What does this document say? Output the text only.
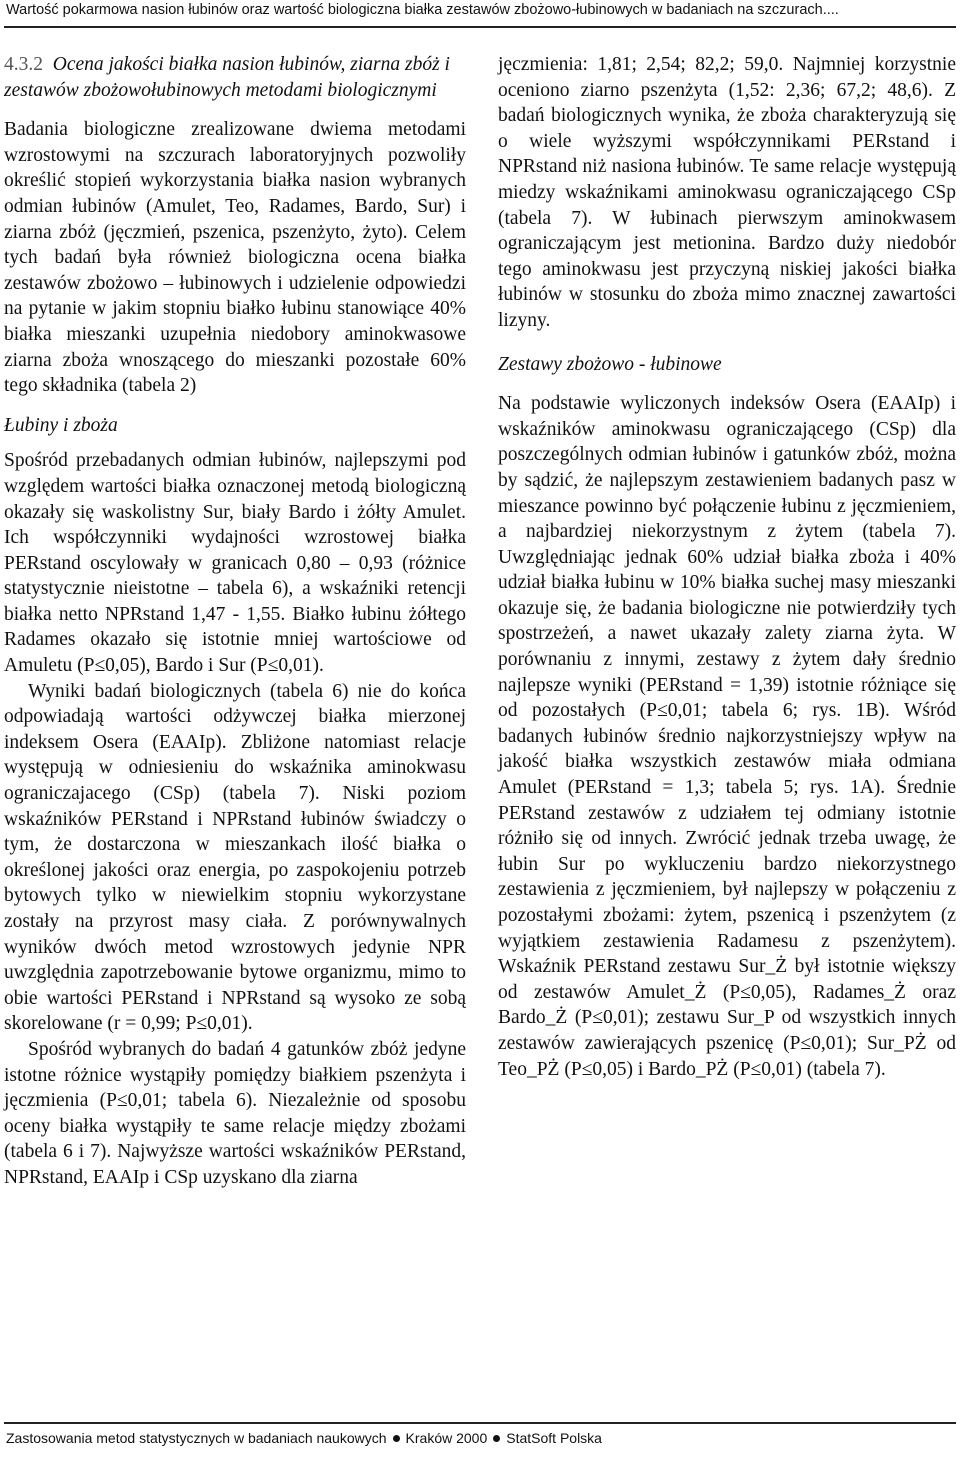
Wartość pokarmowa nasion łubinów oraz wartość biologiczna białka zestawów zbożowo-łubinowych w badaniach na szczurach....

4.3.2 Ocena jakości białka nasion łubinów, ziarna zbóż i zestawów zbożowołubinowych metodami biologicznymi

Badania biologiczne zrealizowane dwiema metodami wzrostowymi na szczurach laboratoryjnych pozwoliły określić stopień wykorzystania białka nasion wybranych odmian łubinów (Amulet, Teo, Radames, Bardo, Sur) i ziarna zbóż (jęczmień, pszenica, pszenżyto, żyto). Celem tych badań była również biologiczna ocena białka zestawów zbożowo – łubinowych i udzielenie odpowiedzi na pytanie w jakim stopniu białko łubinu stanowiące 40% białka mieszanki uzupełnia niedobory aminokwasowe ziarna zboża wnoszącego do mieszanki pozostałe 60% tego składnika (tabela 2)

Łubiny i zboża

Spośród przebadanych odmian łubinów, najlepszymi pod względem wartości białka oznaczonej metodą biologiczną okazały się waskolistny Sur, biały Bardo i żółty Amulet. Ich współczynniki wydajności wzrostowej białka PERstand oscylowały w granicach 0,80 – 0,93 (różnice statystycznie nieistotne – tabela 6), a wskaźniki retencji białka netto NPRstand 1,47 - 1,55. Białko łubinu żółtego Radames okazało się istotnie mniej wartościowe od Amuletu (P≤0,05), Bardo i Sur (P≤0,01).

Wyniki badań biologicznych (tabela 6) nie do końca odpowiadają wartości odżywczej białka mierzonej indeksem Osera (EAAIp). Zbliżone natomiast relacje występują w odniesieniu do wskaźnika aminokwasu ograniczajacego (CSp) (tabela 7). Niski poziom wskaźników PERstand i NPRstand łubinów świadczy o tym, że dostarczona w mieszankach ilość białka o określonej jakości oraz energia, po zaspokojeniu potrzeb bytowych tylko w niewielkim stopniu wykorzystane zostały na przyrost masy ciała. Z porównywalnych wyników dwóch metod wzrostowych jedynie NPR uwzględnia zapotrzebowanie bytowe organizmu, mimo to obie wartości PERstand i NPRstand są wysoko ze sobą skorelowane (r = 0,99; P≤0,01).

Spośród wybranych do badań 4 gatunków zbóż jedyne istotne różnice wystąpiły pomiędzy białkiem pszenżyta i jęczmienia (P≤0,01; tabela 6). Niezależnie od sposobu oceny białka wystąpiły te same relacje między zbożami (tabela 6 i 7). Najwyższe wartości wskaźników PERstand, NPRstand, EAAIp i CSp uzyskano dla ziarna

jęczmienia: 1,81; 2,54; 82,2; 59,0. Najmniej korzystnie oceniono ziarno pszenżyta (1,52: 2,36; 67,2; 48,6). Z badań biologicznych wynika, że zboża charakteryzują się o wiele wyższymi współczynnikami PERstand i NPRstand niż nasiona łubinów. Te same relacje występują miedzy wskaźnikami aminokwasu ograniczającego CSp (tabela 7). W łubinach pierwszym aminokwasem ograniczającym jest metionina. Bardzo duży niedobór tego aminokwasu jest przyczyną niskiej jakości białka łubinów w stosunku do zboża mimo znacznej zawartości lizyny.

Zestawy zbożowo - łubinowe

Na podstawie wyliczonych indeksów Osera (EAAIp) i wskaźników aminokwasu ograniczającego (CSp) dla poszczególnych odmian łubinów i gatunków zbóż, można by sądzić, że najlepszym zestawieniem badanych pasz w mieszance powinno być połączenie łubinu z jęczmieniem, a najbardziej niekorzystnym z żytem (tabela 7). Uwzględniając jednak 60% udział białka zboża i 40% udział białka łubinu w 10% białka suchej masy mieszanki okazuje się, że badania biologiczne nie potwierdziły tych spostrzeżeń, a nawet ukazały zalety ziarna żyta. W porównaniu z innymi, zestawy z żytem dały średnio najlepsze wyniki (PERstand = 1,39) istotnie różniące się od pozostałych (P≤0,01; tabela 6; rys. 1B). Wśród badanych łubinów średnio najkorzystniejszy wpływ na jakość białka wszystkich zestawów miała odmiana Amulet (PERstand = 1,3; tabela 5; rys. 1A). Średnie PERstand zestawów z udziałem tej odmiany istotnie różniło się od innych. Zwrócić jednak trzeba uwagę, że łubin Sur po wykluczeniu bardzo niekorzystnego zestawienia z jęczmieniem, był najlepszy w połączeniu z pozostałymi zbożami: żytem, pszenicą i pszenżytem (z wyjątkiem zestawienia Radamesu z pszenżytem). Wskaźnik PERstand zestawu Sur_Ż był istotnie większy od zestawów Amulet_Ż (P≤0,05), Radames_Ż oraz Bardo_Ż (P≤0,01); zestawu Sur_P od wszystkich innych zestawów zawierających pszenicę (P≤0,01); Sur_PŻ od Teo_PŻ (P≤0,05) i Bardo_PŻ (P≤0,01) (tabela 7).

Zastosowania metod statystycznych w badaniach naukowych Kraków 2000 StatSoft Polska
